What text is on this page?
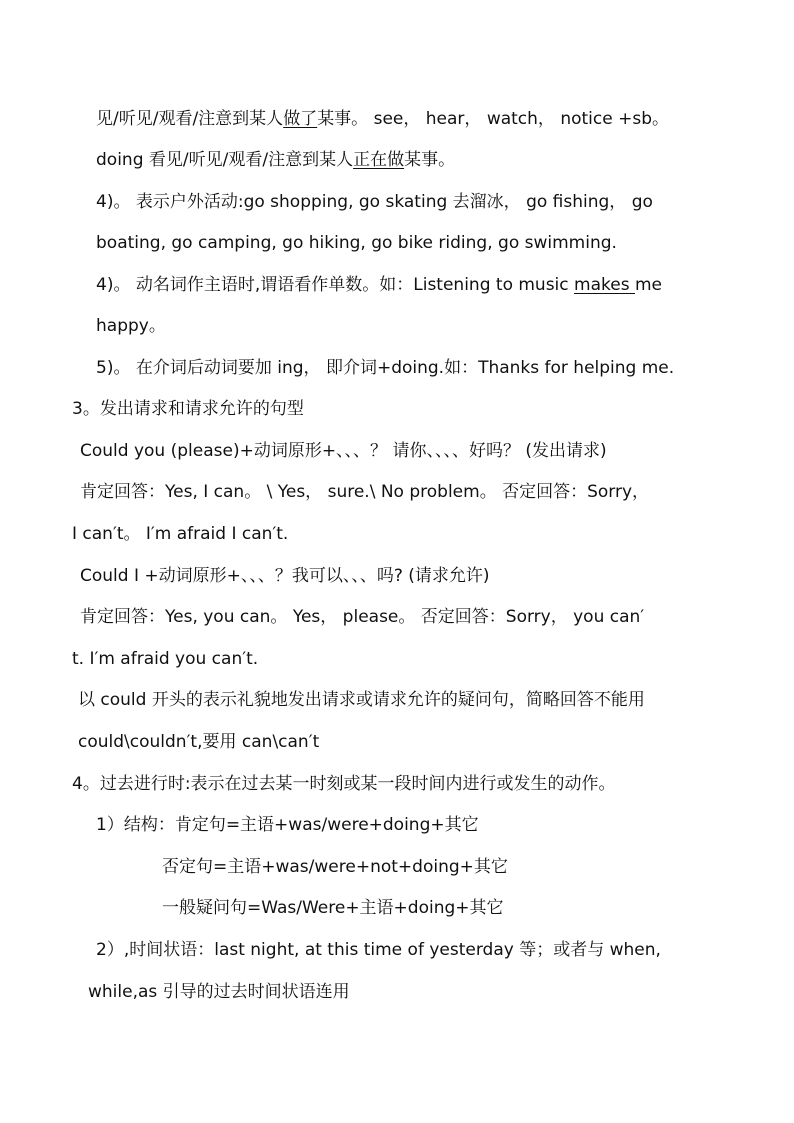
见/听见/观看/注意到某人做了某事。 see， hear， watch， notice +sb。
doing 看见/听见/观看/注意到某人正在做某事。
4)。 表示户外活动:go shopping, go skating 去溜冰， go fishing， go
boating, go camping, go hiking, go bike riding, go swimming.
4)。 动名词作主语时,谓语看作单数。如：Listening to music makes me
happy。
5)。 在介词后动词要加 ing， 即介词+doing.如：Thanks for helping me.
3。发出请求和请求允许的句型
Could you (please)+动词原形+、、、？ 请你、、、、好吗？ (发出请求)
肯定回答：Yes, I can。 \ Yes， sure.\ No problem。 否定回答：Sorry，
I can′t。 I′m afraid I can′t.
Could I +动词原形+、、、？我可以、、、吗? (请求允许)
肯定回答：Yes, you can。 Yes， please。 否定回答：Sorry， you can′
t. I′m afraid you can′t.
以 could 开头的表示礼貌地发出请求或请求允许的疑问句，简略回答不能用
could\couldn′t,要用 can\can′t
4。过去进行时:表示在过去某一时刻或某一段时间内进行或发生的动作。
1）结构：肯定句=主语+was/were+doing+其它
否定句=主语+was/were+not+doing+其它
一般疑问句=Was/Were+主语+doing+其它
2）,时间状语：last night, at this time of yesterday 等；或者与 when,
while,as 引导的过去时间状语连用
